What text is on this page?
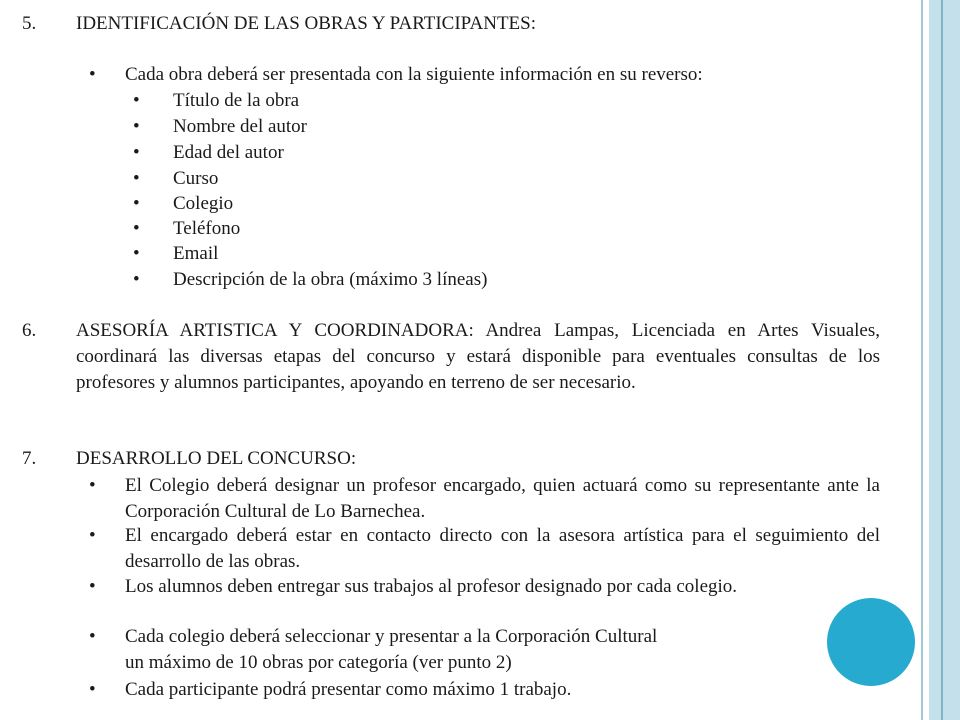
5. IDENTIFICACIÓN DE LAS OBRAS Y PARTICIPANTES:
• Cada obra deberá ser presentada con la siguiente información en su reverso:
• Título de la obra
• Nombre del autor
• Edad del autor
• Curso
• Colegio
• Teléfono
• Email
• Descripción de la obra (máximo 3 líneas)
6. ASESORÍA ARTISTICA Y COORDINADORA: Andrea Lampas, Licenciada en Artes Visuales, coordinará las diversas etapas del concurso y estará disponible para eventuales consultas de los profesores y alumnos participantes, apoyando en terreno de ser necesario.
7. DESARROLLO DEL CONCURSO:
• El Colegio deberá designar un profesor encargado, quien actuará como su representante ante la Corporación Cultural de Lo Barnechea.
• El encargado deberá estar en contacto directo con la asesora artística para el seguimiento del desarrollo de las obras.
• Los alumnos deben entregar sus trabajos al profesor designado por cada colegio.
• Cada colegio deberá seleccionar y presentar a la Corporación Cultural
un máximo de 10 obras por categoría (ver punto 2)
• Cada participante podrá presentar como máximo 1 trabajo.
